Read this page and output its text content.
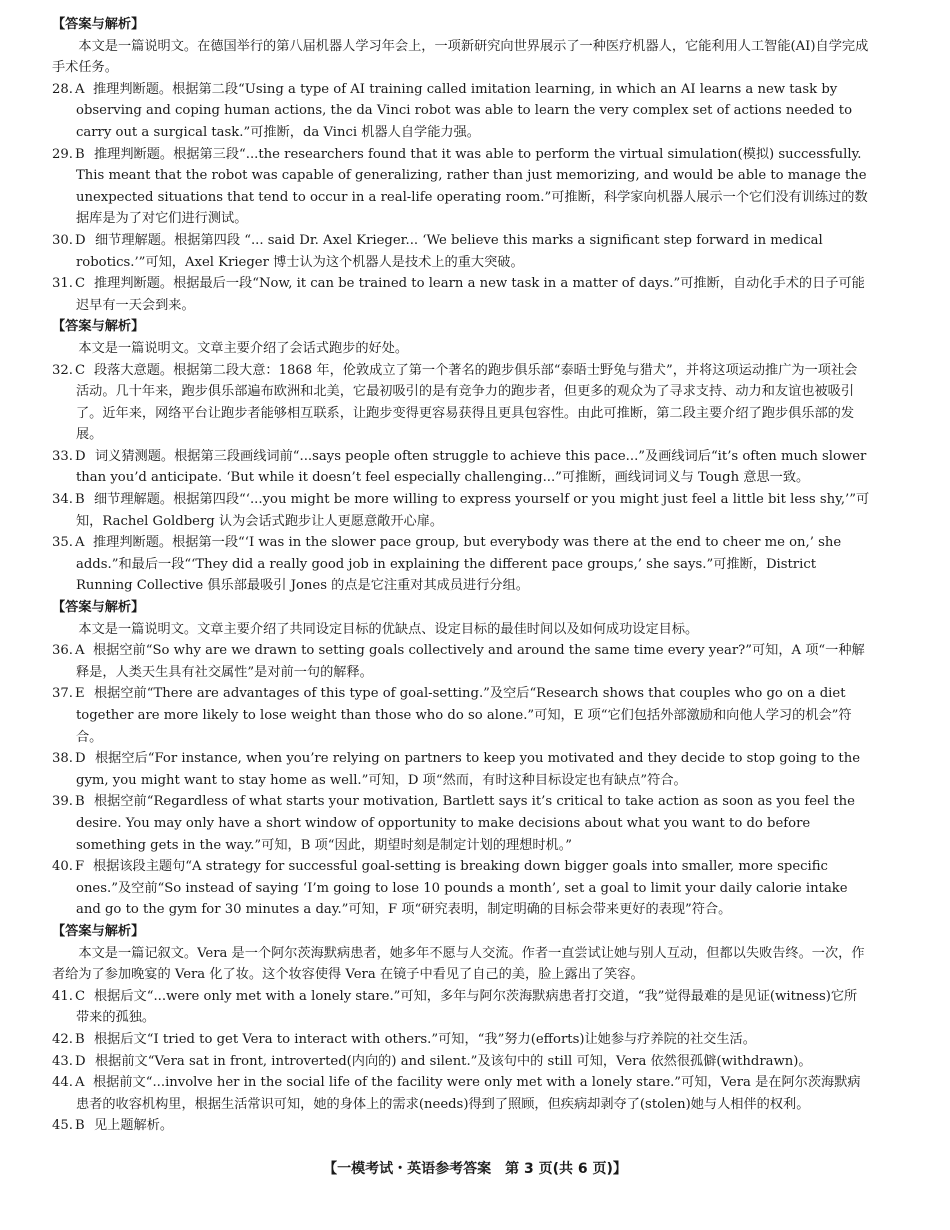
【答案与解析】

本文是一篇说明文。在德国举行的第八届机器人学习年会上，一项新研究向世界展示了一种医疗机器人，它能利用人工智能(AI)自学完成手术任务。

28. A 推理判断题。根据第二段“Using a type of AI training called imitation learning, in which an AI learns a new task by observing and coping human actions, the da Vinci robot was able to learn the very complex set of actions needed to carry out a surgical task.”可推断，da Vinci 机器人自学能力强。
29. B 推理判断题。根据第三段“...the researchers found that it was able to perform the virtual simulation(模拟) successfully. This meant that the robot was capable of generalizing, rather than just memorizing, and would be able to manage the unexpected situations that tend to occur in a real-life operating room.”可推断，科学家向机器人展示一个它们没有训练过的数据库是为了对它们进行测试。
30. D 细节理解题。根据第四段 “... said Dr. Axel Krieger... ‘We believe this marks a significant step forward in medical robotics.’”可知，Axel Krieger 博士认为这个机器人是技术上的重大突破。
31. C 推理判断题。根据最后一段“Now, it can be trained to learn a new task in a matter of days.”可推断，自动化手术的日子可能迟早有一天会到来。
【答案与解析】

本文是一篇说明文。文章主要介绍了会话式跑步的好处。

32. C 段落大意题。根据第二段大意：1868 年，伦敦成立了第一个著名的跑步俱乐部“泰晤士野兔与猎犬”，并将这项运动推广为一项社会活动。几十年来，跑步俱乐部遍布欧洲和北美，它最初吸引的是有竞争力的跑步者，但更多的观众为了寻求支持、动力和友谊也被吸引了。近年来，网络平台让跑步者能够相互联系，让跑步变得更容易获得且更具包容性。由此可推断，第二段主要介绍了跑步俱乐部的发展。
33. D 词义猜测题。根据第三段画线词前“...says people often struggle to achieve this pace...”及画线词后“it’s often much slower than you’d anticipate. ‘But while it doesn’t feel especially challenging...”可推断，画线词词义与 Tough 意思一致。
34. B 细节理解题。根据第四段“‘...you might be more willing to express yourself or you might just feel a little bit less shy,’”可知，Rachel Goldberg 认为会话式跑步让人更愿意敞开心扉。
35. A 推理判断题。根据第一段“‘I was in the slower pace group, but everybody was there at the end to cheer me on,’ she adds.”和最后一段“‘They did a really good job in explaining the different pace groups,’ she says.”可推断，District Running Collective 俱乐部最吸引 Jones 的点是它注重对其成员进行分组。
【答案与解析】

本文是一篇说明文。文章主要介绍了共同设定目标的优缺点、设定目标的最佳时间以及如何成功设定目标。

36. A 根据空前“So why are we drawn to setting goals collectively and around the same time every year?”可知，A 项“一种解释是，人类天生具有社交属性”是对前一句的解释。
37. E 根据空前“There are advantages of this type of goal-setting.”及空后“Research shows that couples who go on a diet together are more likely to lose weight than those who do so alone.”可知，E 项“它们包括外部激励和向他人学习的机会”符合。
38. D 根据空后“For instance, when you’re relying on partners to keep you motivated and they decide to stop going to the gym, you might want to stay home as well.”可知，D 项“然而，有时这种目标设定也有缺点”符合。
39. B 根据空前“Regardless of what starts your motivation, Bartlett says it’s critical to take action as soon as you feel the desire. You may only have a short window of opportunity to make decisions about what you want to do before something gets in the way.”可知，B 项“因此，期望时刻是制定计划的理想时机。”
40. F 根据该段主题句“A strategy for successful goal-setting is breaking down bigger goals into smaller, more specific ones.”及空前“So instead of saying ‘I’m going to lose 10 pounds a month’, set a goal to limit your daily calorie intake and go to the gym for 30 minutes a day.”可知，F 项“研究表明，制定明确的目标会带来更好的表现”符合。
【答案与解析】

本文是一篇记叙文。Vera 是一个阿尔茨海默病患者，她多年不愿与人交流。作者一直尝试让她与别人互动，但都以失败告终。一次，作者给为了参加晚宴的 Vera 化了妆。这个妆容使得 Vera 在镜子中看见了自己的美，脸上露出了笑容。

41. C 根据后文“...were only met with a lonely stare.”可知，多年与阿尔茨海默病患者打交道，“我”觉得最难的是见证(witness)它所带来的孤独。
42. B 根据后文“I tried to get Vera to interact with others.”可知，“我”努力(efforts)让她参与疗养院的社交生活。
43. D 根据前文“Vera sat in front, introverted(内向的) and silent.”及该句中的 still 可知，Vera 依然很孤僻(withdrawn)。
44. A 根据前文“...involve her in the social life of the facility were only met with a lonely stare.”可知，Vera 是在阿尔茨海默病患者的收容机构里，根据生活常识可知，她的身体上的需求(needs)得到了照顾，但疾病却剥夺了(stolen)她与人相伴的权利。
45. B 见上题解析。
【一模考试・英语参考答案　第 3 页(共 6 页)】
